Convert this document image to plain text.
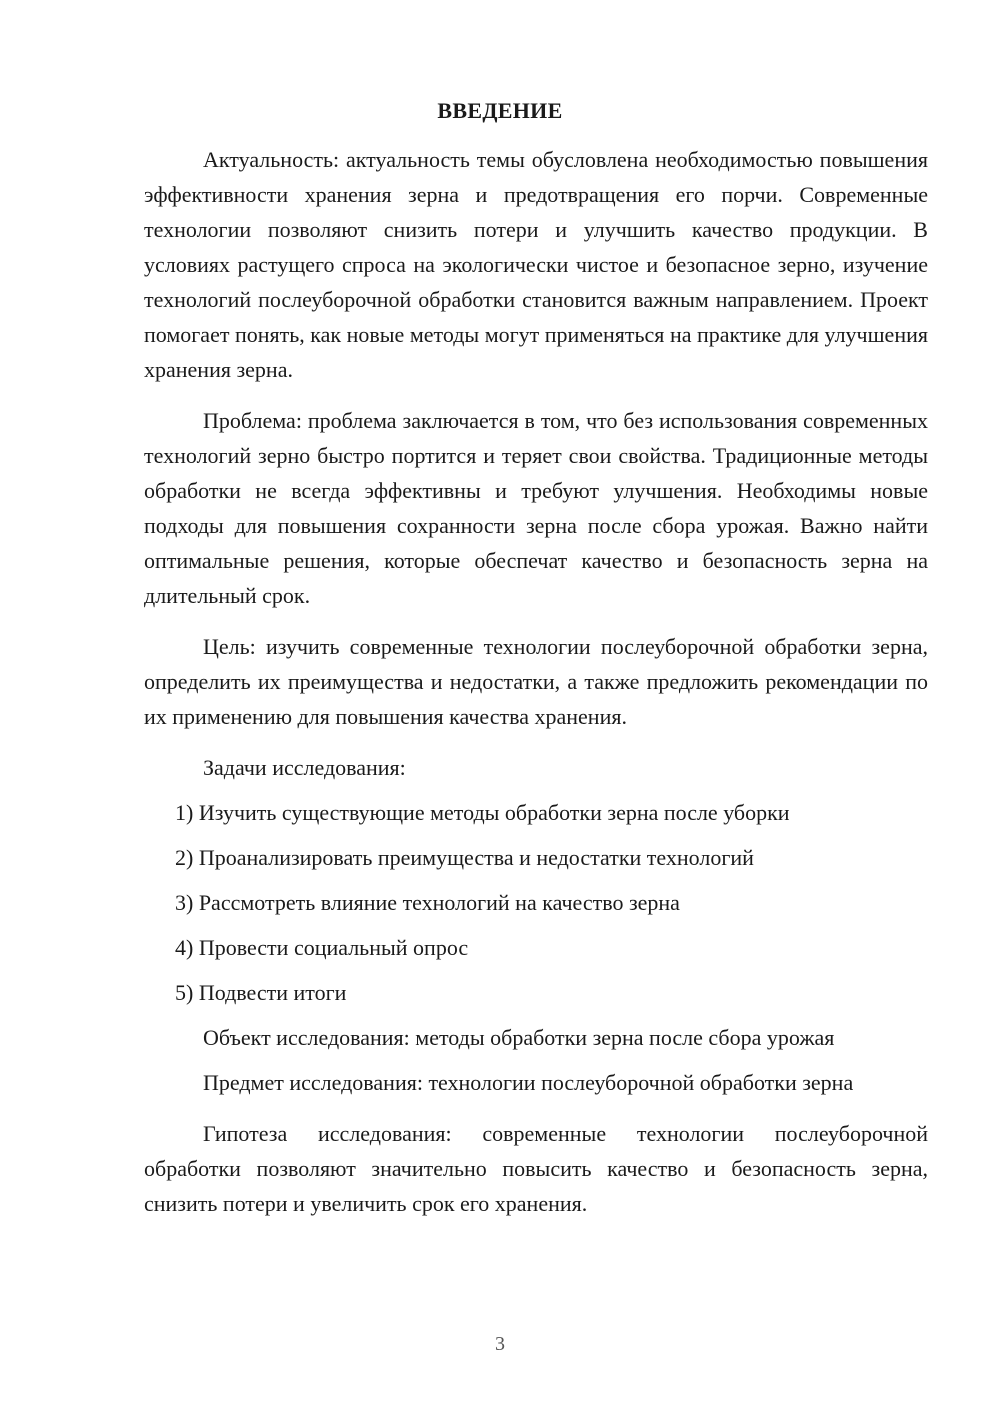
ВВЕДЕНИЕ

Актуальность: актуальность темы обусловлена необходимостью повышения эффективности хранения зерна и предотвращения его порчи. Современные технологии позволяют снизить потери и улучшить качество продукции. В условиях растущего спроса на экологически чистое и безопасное зерно, изучение технологий послеуборочной обработки становится важным направлением. Проект помогает понять, как новые методы могут применяться на практике для улучшения хранения зерна.

Проблема: проблема заключается в том, что без использования современных технологий зерно быстро портится и теряет свои свойства. Традиционные методы обработки не всегда эффективны и требуют улучшения. Необходимы новые подходы для повышения сохранности зерна после сбора урожая. Важно найти оптимальные решения, которые обеспечат качество и безопасность зерна на длительный срок.

Цель: изучить современные технологии послеуборочной обработки зерна, определить их преимущества и недостатки, а также предложить рекомендации по их применению для повышения качества хранения.

Задачи исследования:

1) Изучить существующие методы обработки зерна после уборки
2) Проанализировать преимущества и недостатки технологий
3) Рассмотреть влияние технологий на качество зерна
4) Провести социальный опрос
5) Подвести итоги

Объект исследования: методы обработки зерна после сбора урожая

Предмет исследования: технологии послеуборочной обработки зерна

Гипотеза исследования: современные технологии послеуборочной обработки позволяют значительно повысить качество и безопасность зерна, снизить потери и увеличить срок его хранения.

3
